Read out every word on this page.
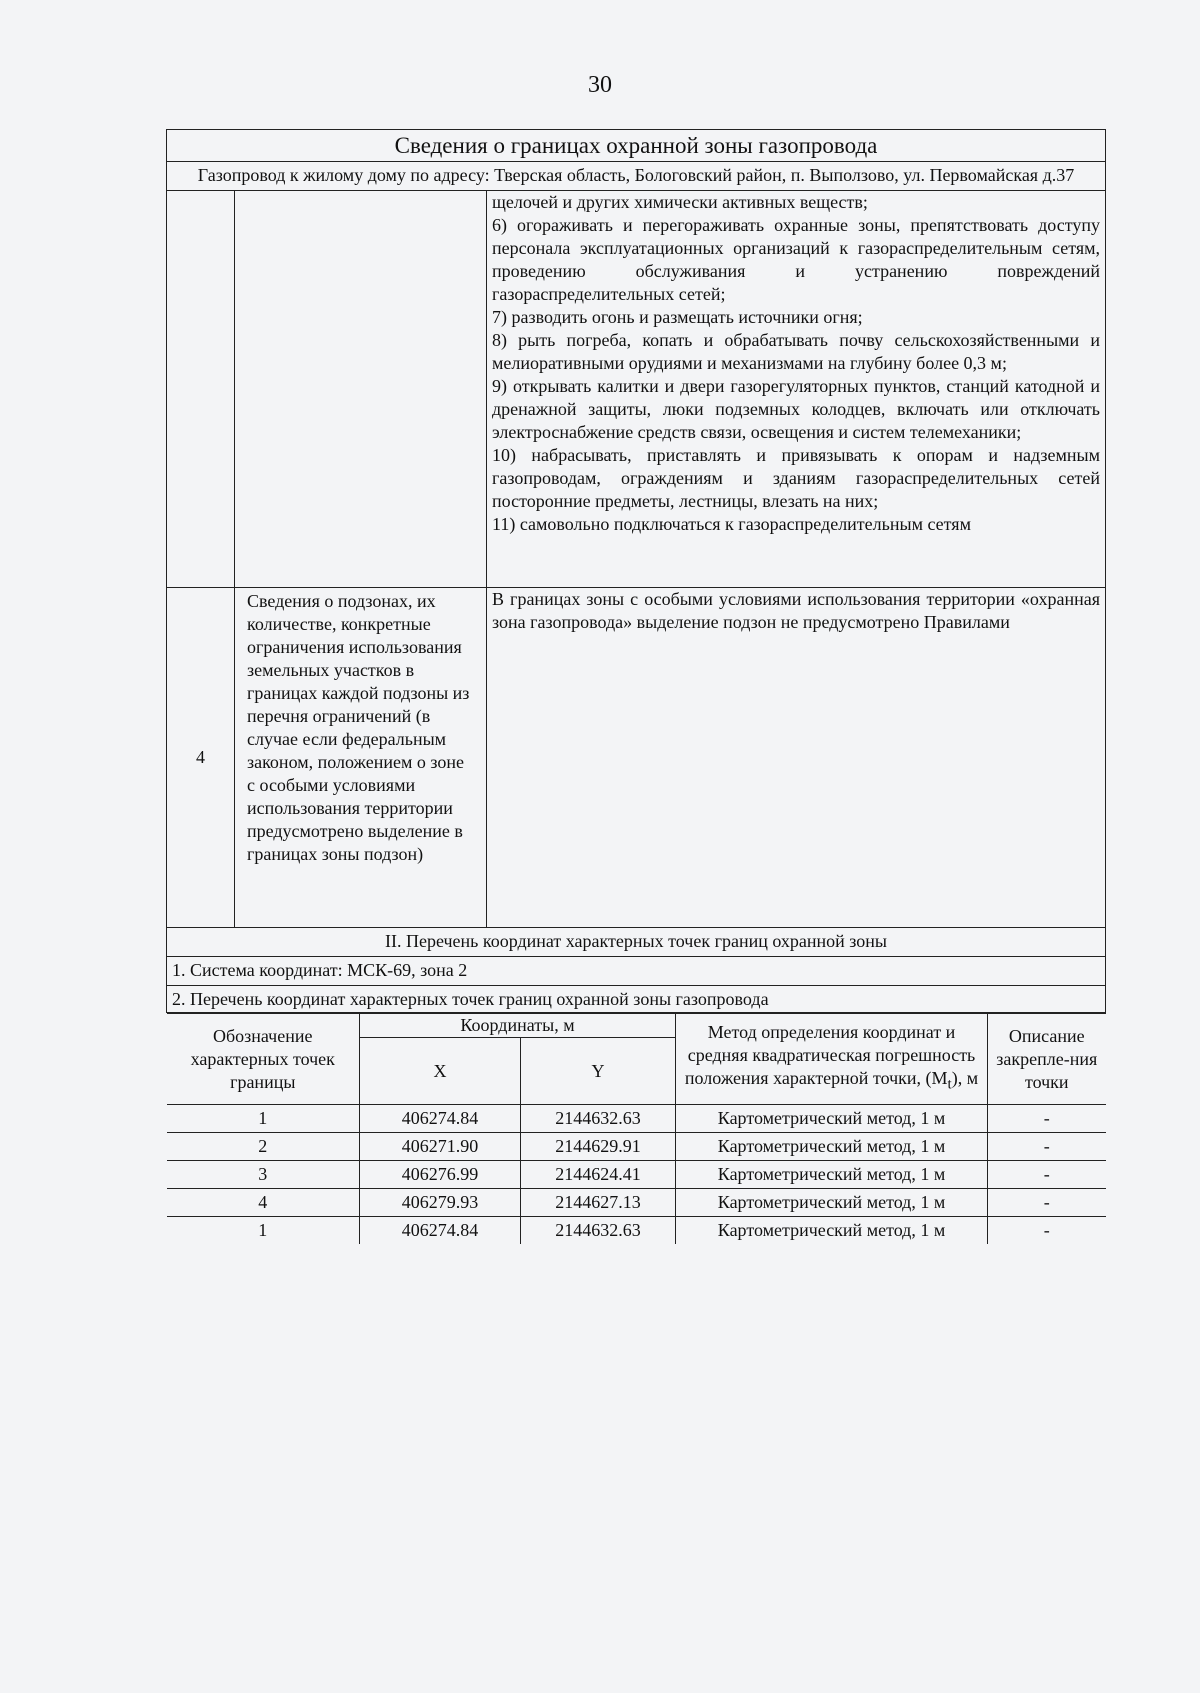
30
Сведения о границах охранной зоны газопровода
Газопровод к жилому дому по адресу: Тверская область, Бологовский район, п. Выползово, ул. Первомайская д.37

щелочей и других химически активных веществ;

6) огораживать и перегораживать охранные зоны, препятствовать доступу персонала эксплуатационных организаций к газораспределительным сетям, проведению обслуживания и устранению повреждений газораспределительных сетей;

7) разводить огонь и размещать источники огня;

8) рыть погреба, копать и обрабатывать почву сельскохозяйственными и мелиоративными орудиями и механизмами на глубину более 0,3 м;

9) открывать калитки и двери газорегуляторных пунктов, станций катодной и дренажной защиты, люки подземных колодцев, включать или отключать электроснабжение средств связи, освещения и систем телемеханики;

10) набрасывать, приставлять и привязывать к опорам и надземным газопроводам, ограждениям и зданиям газораспределительных сетей посторонние предметы, лестницы, влезать на них;

11) самовольно подключаться к газораспределительным сетям

4	Сведения о подзонах, их количестве, конкретные ограничения использования земельных участков в границах каждой подзоны из перечня ограничений (в случае если федеральным законом, положением о зоне с особыми условиями использования территории предусмотрено выделение в границах зоны подзон)	В границах зоны с особыми условиями использования территории «охранная зона газопровода» выделение подзон не предусмотрено Правилами
II. Перечень координат характерных точек границ охранной зоны
1. Система координат: МСК-69, зона 2
2. Перечень координат характерных точек границ охранной зоны газопровода

Обозначение характерных точек границы	Координаты, м	Метод определения координат и средняя квадратическая погрешность положения характерной точки, $(M_t)$, м	Описание закрепле-ния точки
X	Y
1	406274.84	2144632.63	Картометрический метод, 1 м	-
2	406271.90	2144629.91	Картометрический метод, 1 м	-
3	406276.99	2144624.41	Картометрический метод, 1 м	-
4	406279.93	2144627.13	Картометрический метод, 1 м	-
1	406274.84	2144632.63	Картометрический метод, 1 м	-
